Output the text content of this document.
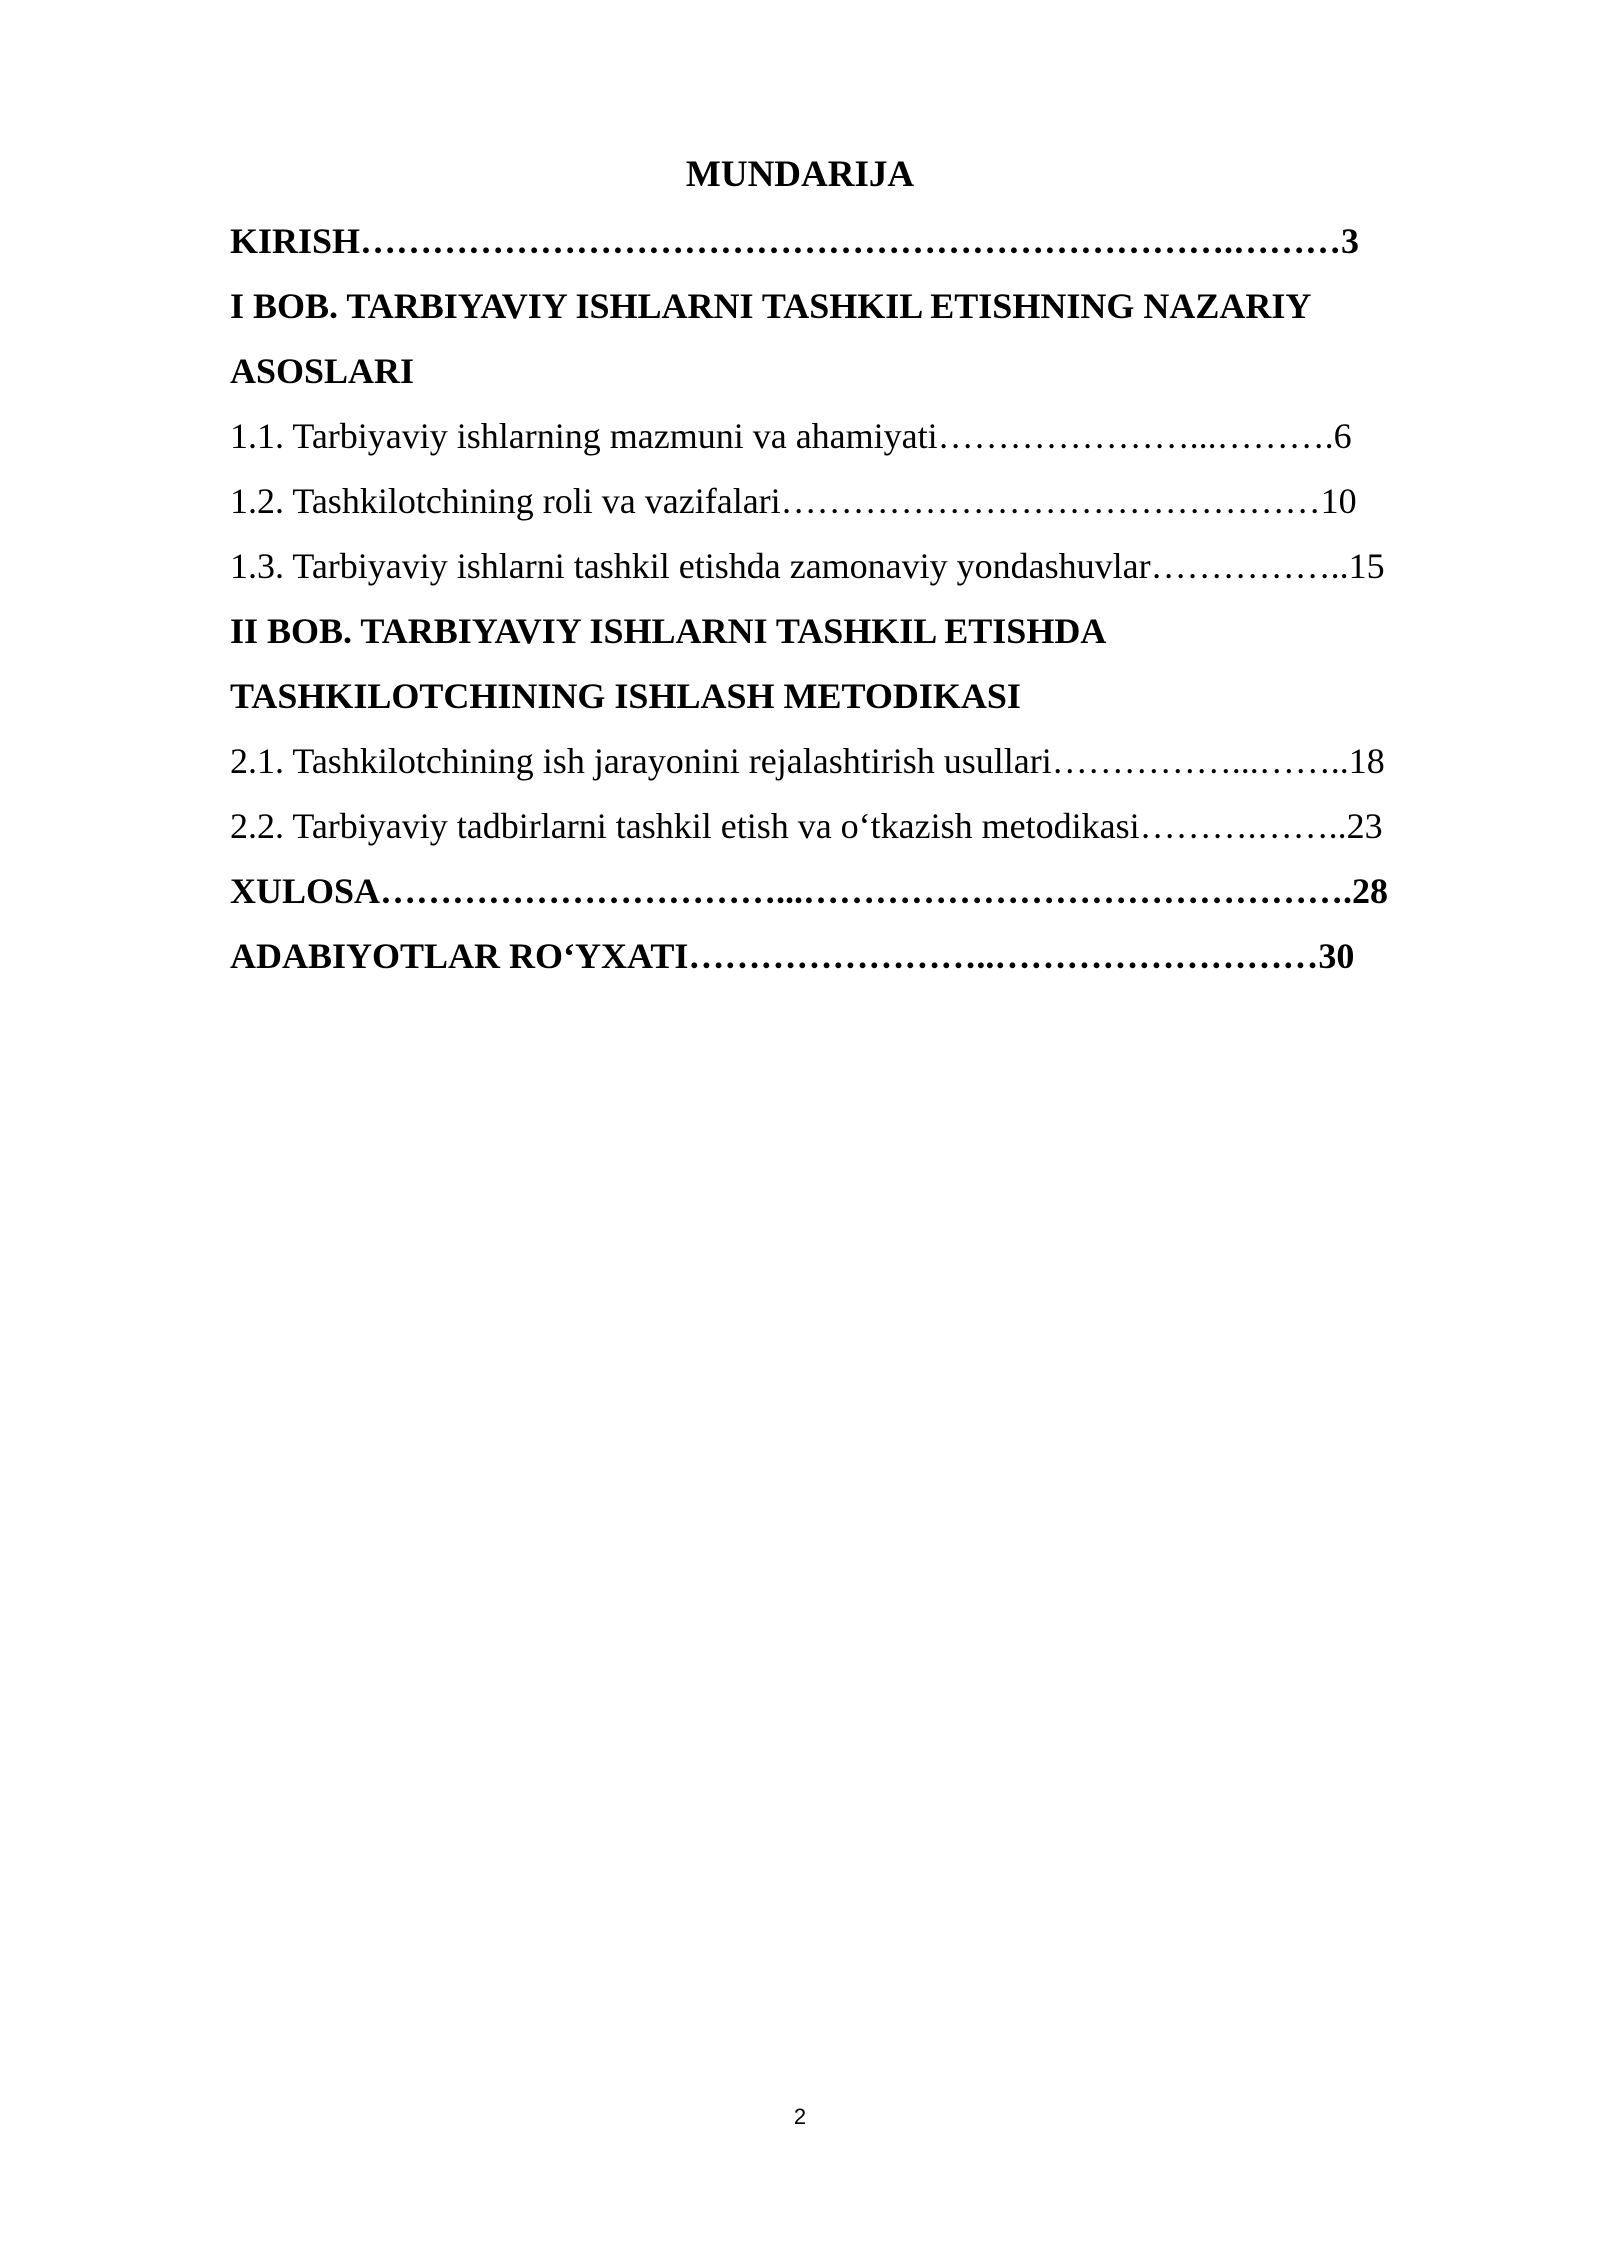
MUNDARIJA
KIRISH……………………………………………………………….………3
I BOB. TARBIYAVIY ISHLARNI TASHKIL ETISHNING NAZARIY
ASOSLARI
1.1. Tarbiyaviy ishlarning mazmuni va ahamiyati…………………...……….6
1.2. Tashkilotchining roli va vazifalari………………………………………10
1.3. Tarbiyaviy ishlarni tashkil etishda zamonaviy yondashuvlar……………..15
II BOB. TARBIYAVIY ISHLARNI TASHKIL ETISHDA
TASHKILOTCHINING ISHLASH METODIKASI
2.1. Tashkilotchining ish jarayonini rejalashtirish usullari……………...……..18
2.2. Tarbiyaviy tadbirlarni tashkil etish va o‘tkazish metodikasi……….……..23
XULOSA……………………………...……………………………………….28
ADABIYOTLAR RO‘YXATI……………………..………………………30
2
